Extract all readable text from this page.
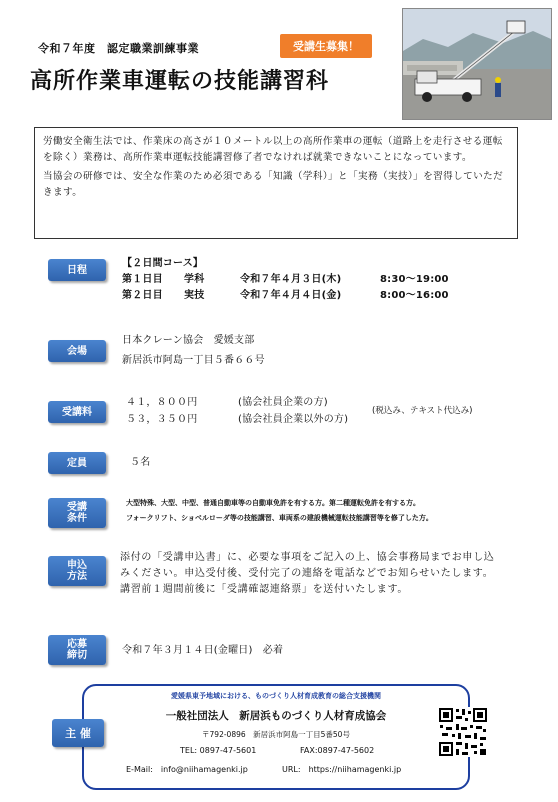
令和７年度　認定職業訓練事業	受講生募集！
高所作業車運転の技能講習科

労働安全衛生法では、作業床の高さが１０メートル以上の高所作業車の運転（道路上を走行させる運転を除く）業務は、高所作業車運転技能講習修了者でなければ就業できないことになっています。

当協会の研修では、安全な作業のため必須である「知識（学科）」と「実務（実技）」を習得していただきます。

日程
【２日間コース】
第１日目	学科	令和７年４月３日(木)	8:30～19:00
第２日目	実技	令和７年４月４日(金)	8:00～16:00
会場
日本クレーン協会　愛媛支部
新居浜市阿島一丁目５番６６号
受講料
４１，８００円	(協会社員企業の方)
５３，３５０円	(協会社員企業以外の方)
(税込み、テキスト代込み)
定員	５名
受講
条件
大型特殊、大型、中型、普通自動車等の自動車免許を有する方。第二種運転免許を有する方。
フォークリフト、ショベルローダ等の技能講習、車両系の建設機械運転技能講習等を修了した方。
申込
方法
添付の「受講申込書」に、必要な事項をご記入の上、協会事務局までお申し込みください。申込受付後、受付完了の連絡を電話などでお知らせいたします。講習前１週間前後に「受講確認連絡票」を送付いたします。
応募
締切	令和７年３月１４日(金曜日)　必着
主 催
愛媛県東予地域における、ものづくり人材育成教育の総合支援機関
一般社団法人　新居浜ものづくり人材育成協会
〒792-0896　新居浜市阿島一丁目5番50号
TEL: 0897-47-5601	FAX:0897-47-5602
E-Mail:　info@niihamagenki.jp	URL:　https://niihamagenki.jp
